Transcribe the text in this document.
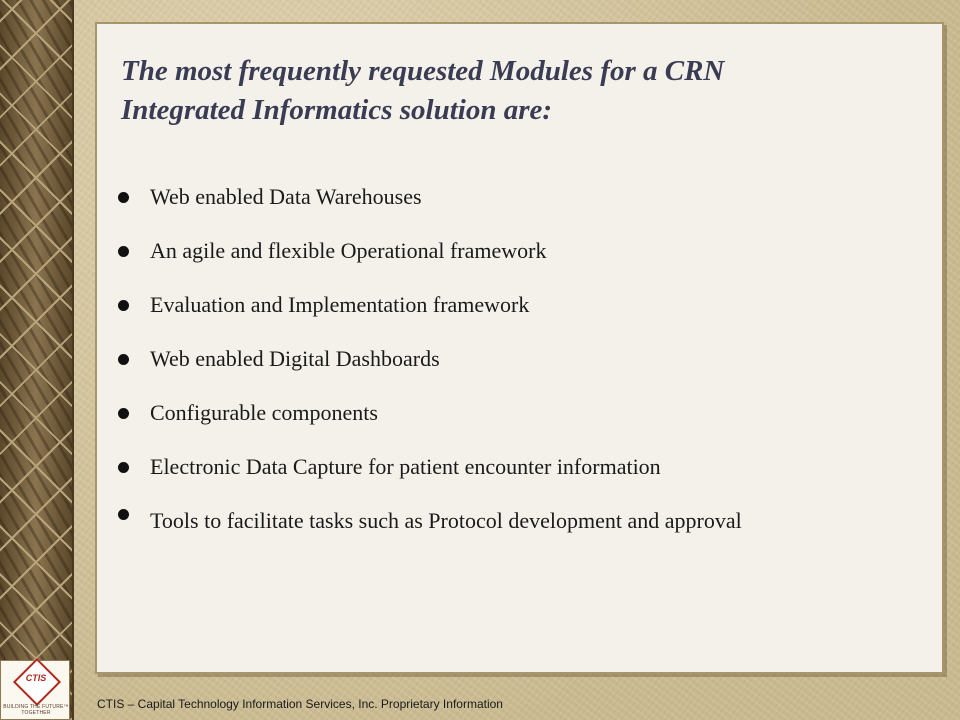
The most frequently requested Modules for a CRN
Integrated Informatics solution are:
Web enabled Data Warehouses
An agile and flexible Operational framework
Evaluation and Implementation framework
Web enabled Digital Dashboards
Configurable components
Electronic Data Capture for patient encounter information
Tools to facilitate tasks such as Protocol development and approval
CTIS
BUILDING THE FUTURE™ TOGETHER
CTIS – Capital Technology Information Services, Inc. Proprietary Information
